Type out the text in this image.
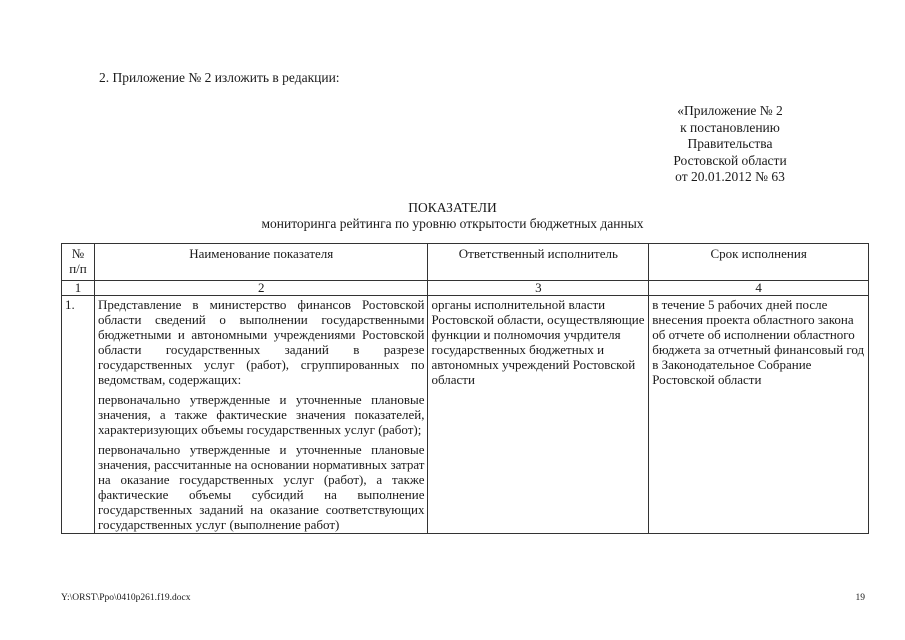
2. Приложение № 2 изложить в редакции:
«Приложение № 2
к постановлению
Правительства
Ростовской области
от 20.01.2012 № 63
ПОКАЗАТЕЛИ
мониторинга рейтинга по уровню открытости бюджетных данных
№
п/п	Наименование показателя	Ответственный исполнитель	Срок исполнения
1	2	3	4
1.	Представление в министерство финансов Ростовской области сведений о выполнении государственными бюджетными и автономными учреждениями Ростовской области государственных заданий в разрезе государственных услуг (работ), сгруппированных по ведомствам, содержащих:

первоначально утвержденные и уточненные плановые значения, а также фактические значения показателей, характеризующих объемы государственных услуг (работ);

первоначально утвержденные и уточненные плановые значения, рассчитанные на основании нормативных затрат на оказание государственных услуг (работ), а также фактические объемы субсидий на выполнение государственных заданий на оказание соответствующих государственных услуг (выполнение работ)	органы исполнительной власти Ростовской области, осуществляющие функции и полномочия учрдителя государственных бюджетных и автономных учреждений Ростовской области	в течение 5 рабочих дней после внесения проекта областного закона об отчете об исполнении областного бюджета за отчетный финансовый год в Законодательное Собрание Ростовской области
Y:\ORST\Ppo\0410p261.f19.docx	19
